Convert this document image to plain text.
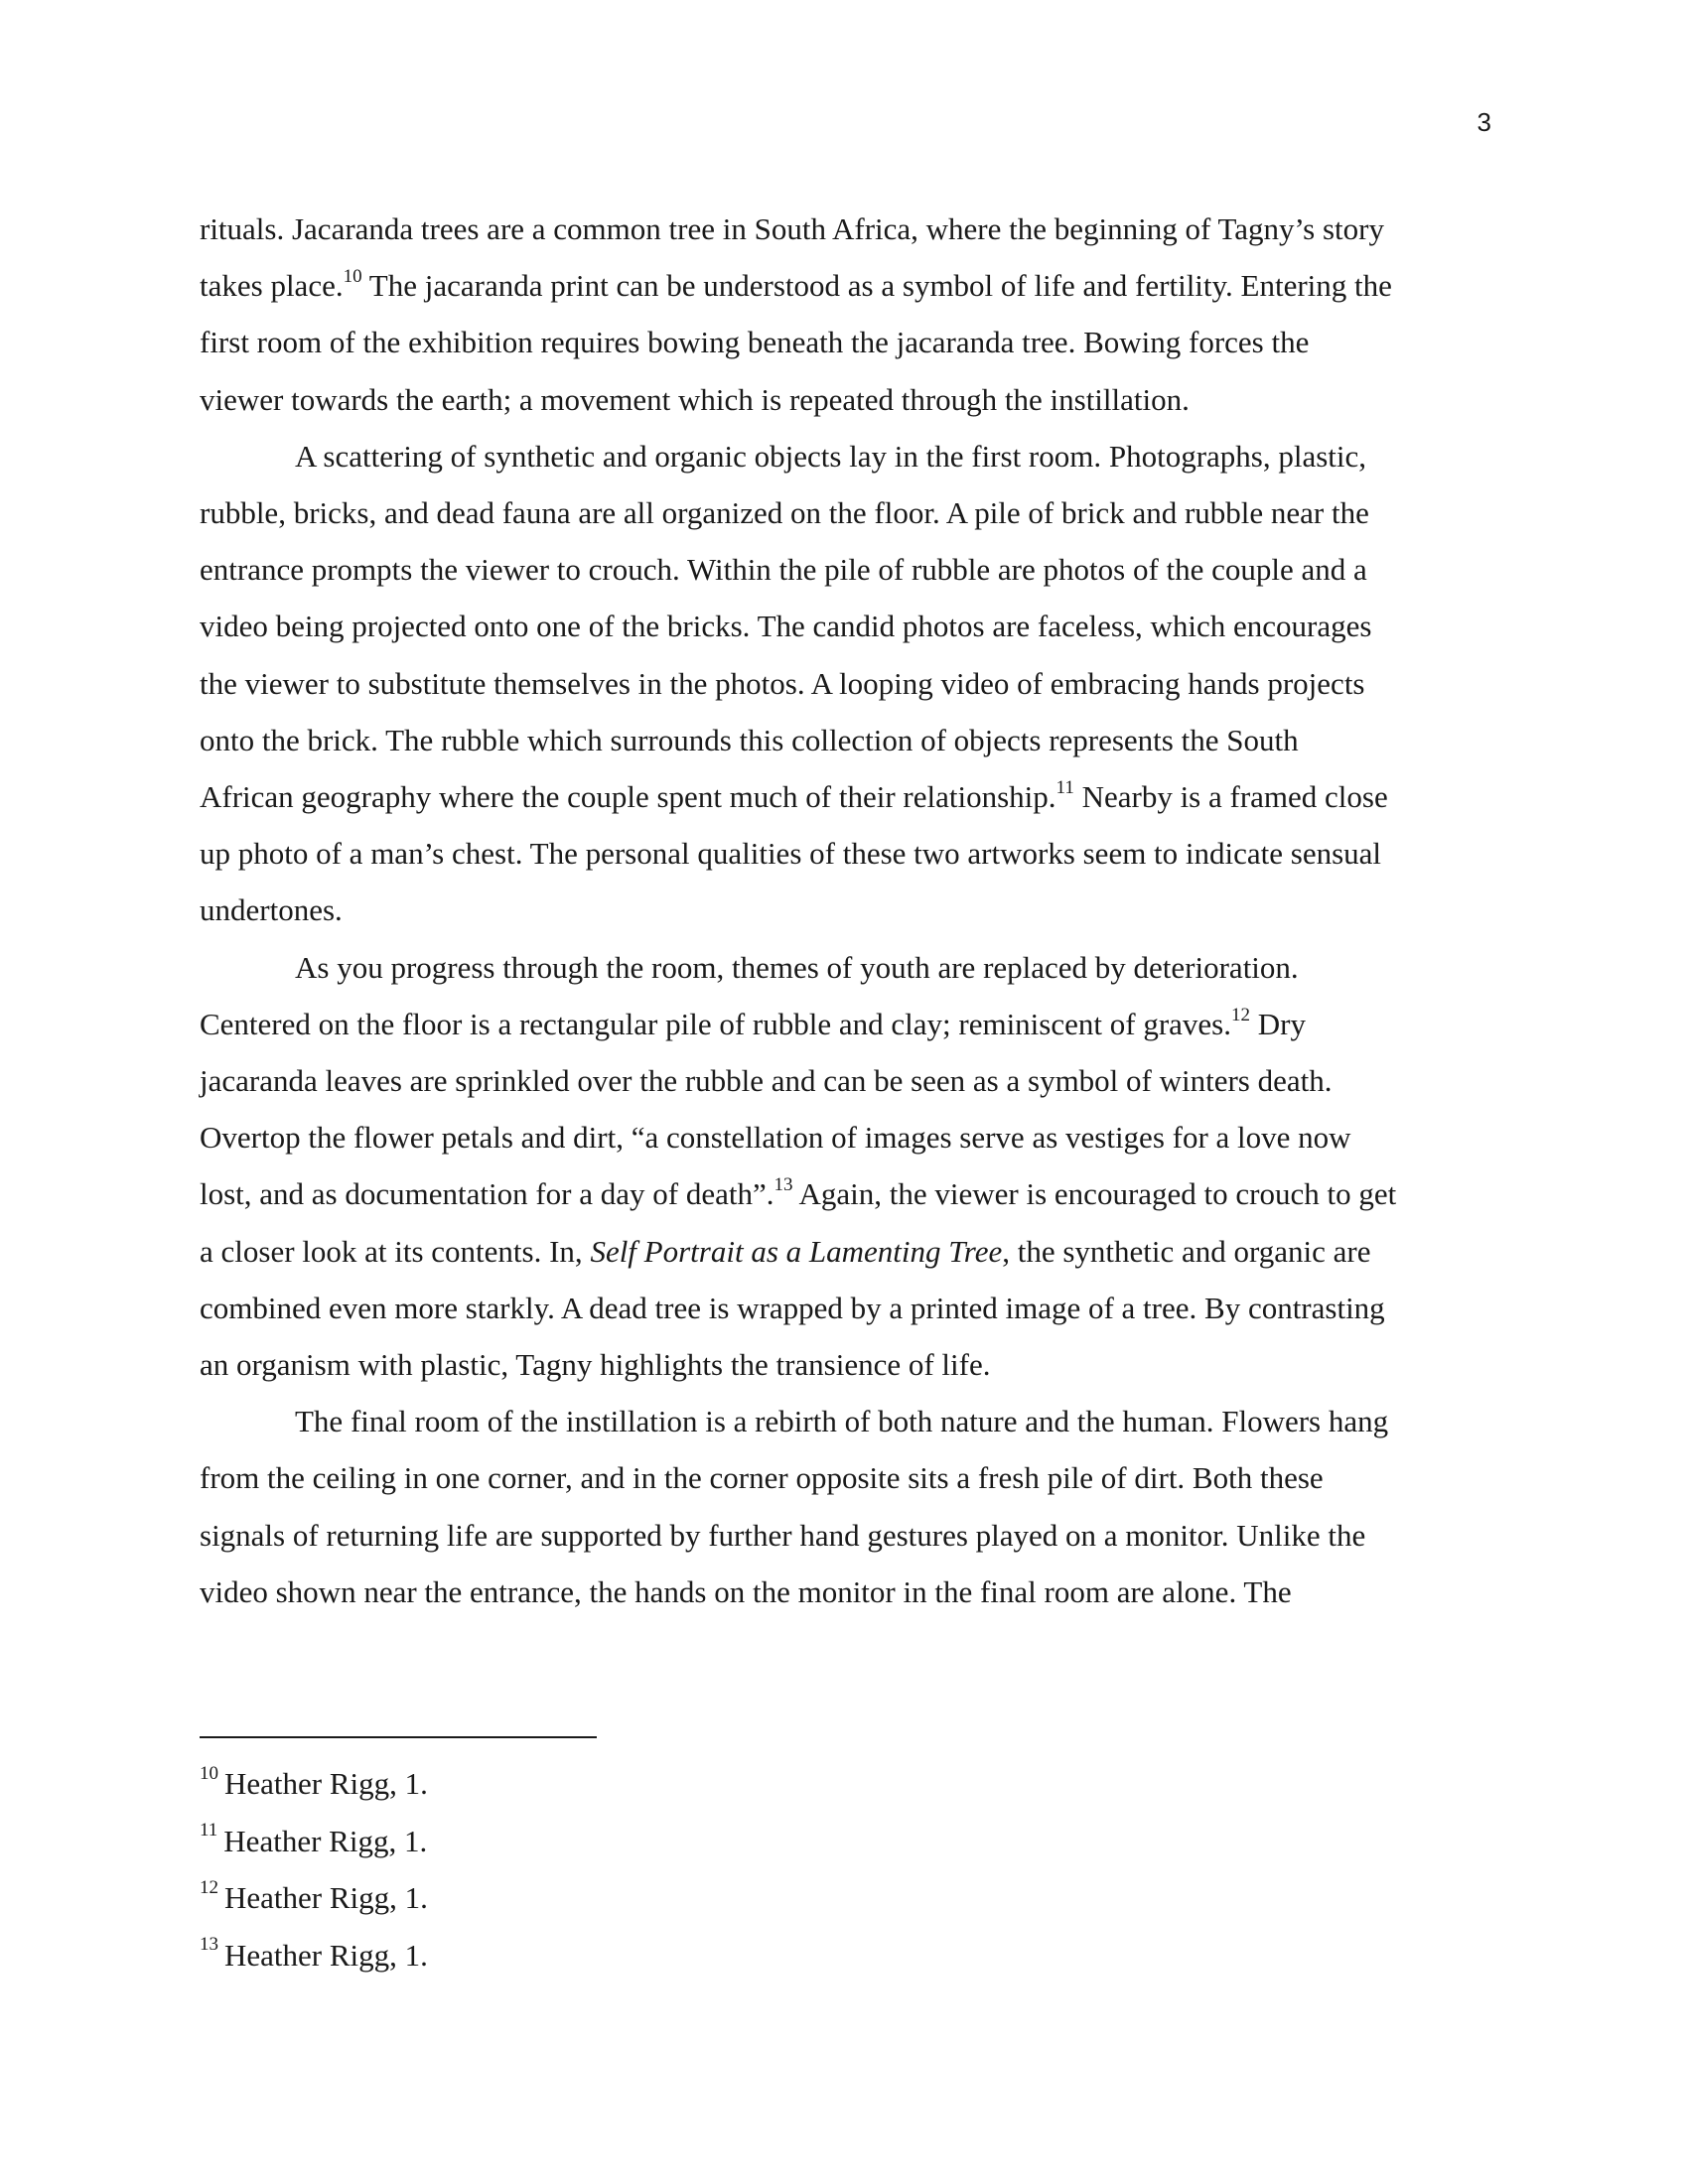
3

rituals. Jacaranda trees are a common tree in South Africa, where the beginning of Tagny’s story
takes place.$^{10}$ The jacaranda print can be understood as a symbol of life and fertility. Entering the
first room of the exhibition requires bowing beneath the jacaranda tree. Bowing forces the
viewer towards the earth; a movement which is repeated through the instillation.

A scattering of synthetic and organic objects lay in the first room. Photographs, plastic,
rubble, bricks, and dead fauna are all organized on the floor. A pile of brick and rubble near the
entrance prompts the viewer to crouch. Within the pile of rubble are photos of the couple and a
video being projected onto one of the bricks. The candid photos are faceless, which encourages
the viewer to substitute themselves in the photos. A looping video of embracing hands projects
onto the brick. The rubble which surrounds this collection of objects represents the South
African geography where the couple spent much of their relationship.$^{11}$ Nearby is a framed close
up photo of a man’s chest. The personal qualities of these two artworks seem to indicate sensual
undertones.

As you progress through the room, themes of youth are replaced by deterioration.
Centered on the floor is a rectangular pile of rubble and clay; reminiscent of graves.$^{12}$ Dry
jacaranda leaves are sprinkled over the rubble and can be seen as a symbol of winters death.
Overtop the flower petals and dirt, “a constellation of images serve as vestiges for a love now
lost, and as documentation for a day of death”.$^{13}$ Again, the viewer is encouraged to crouch to get
a closer look at its contents. In, Self Portrait as a Lamenting Tree, the synthetic and organic are
combined even more starkly. A dead tree is wrapped by a printed image of a tree. By contrasting
an organism with plastic, Tagny highlights the transience of life.

The final room of the instillation is a rebirth of both nature and the human. Flowers hang
from the ceiling in one corner, and in the corner opposite sits a fresh pile of dirt. Both these
signals of returning life are supported by further hand gestures played on a monitor. Unlike the
video shown near the entrance, the hands on the monitor in the final room are alone. The

$^{10}$ Heather Rigg, 1.
$^{11}$ Heather Rigg, 1.
$^{12}$ Heather Rigg, 1.
$^{13}$ Heather Rigg, 1.
